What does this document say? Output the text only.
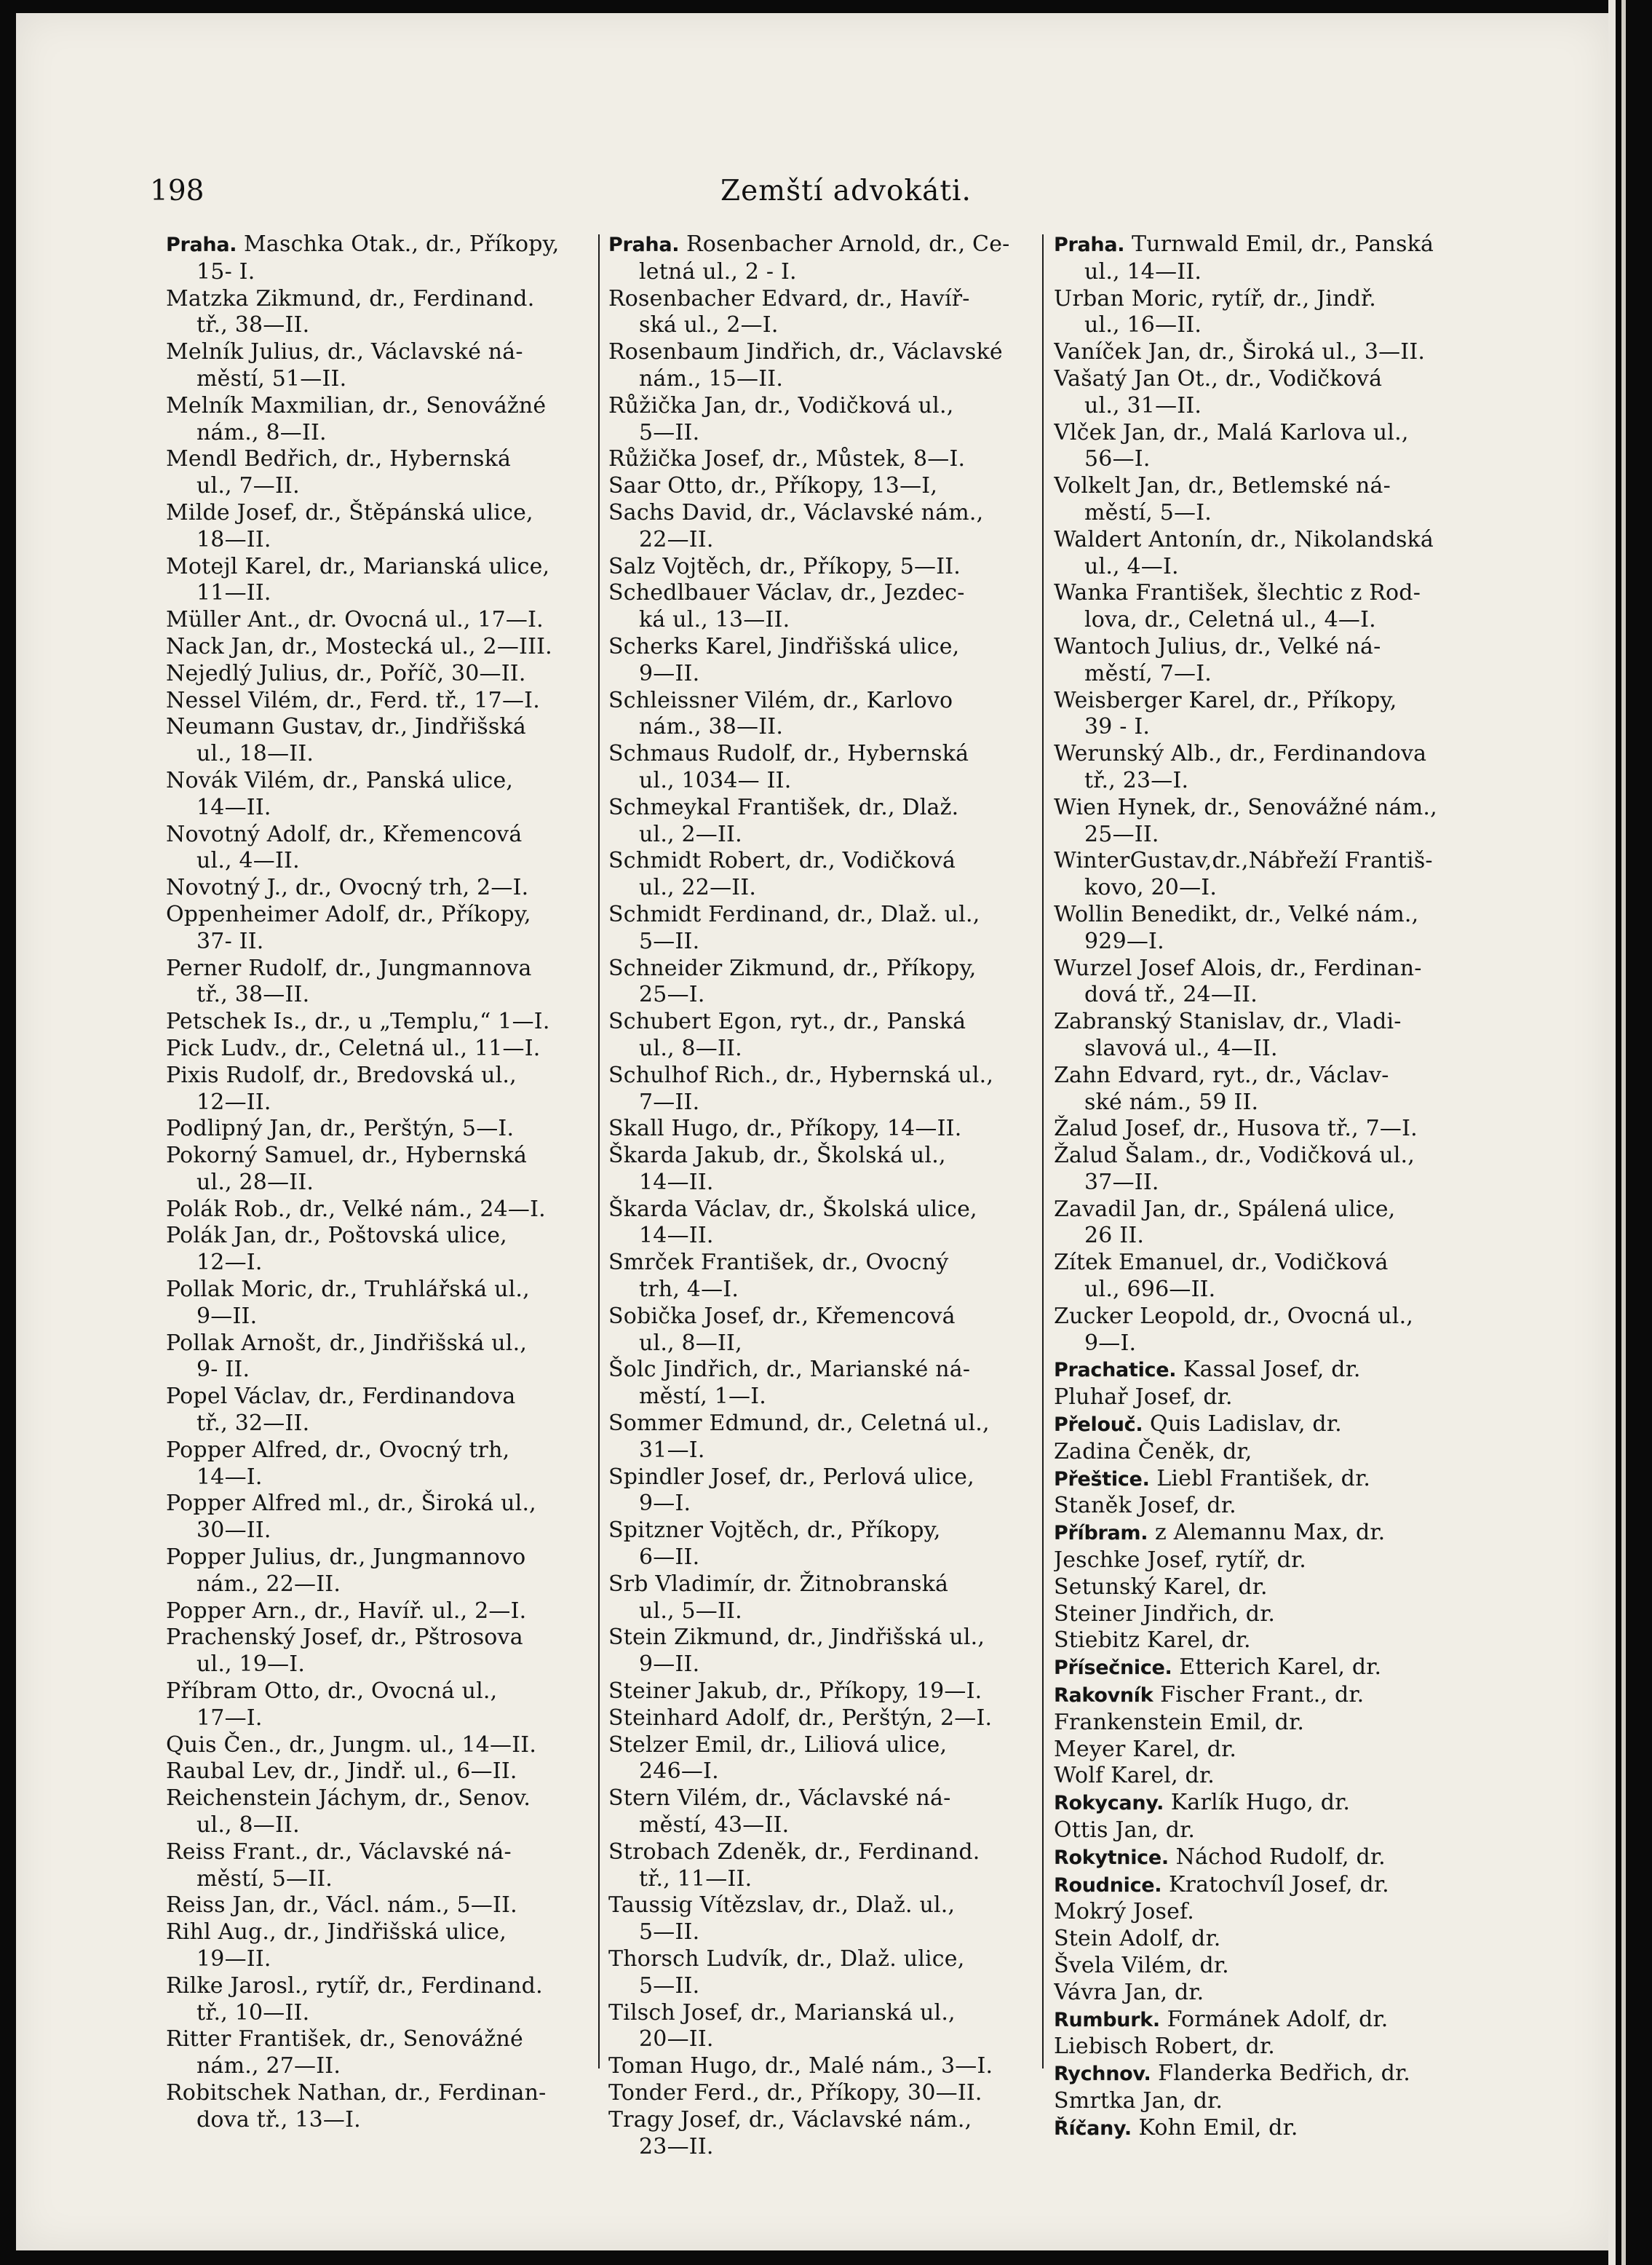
198	Zemští advokáti.
Praha. Maschka Otak., dr., Příkopy,
15- I.
Matzka Zikmund, dr., Ferdinand.
tř., 38—II.
Melník Julius, dr., Václavské ná-
městí, 51—II.
Melník Maxmilian, dr., Senovážné
nám., 8—II.
Mendl Bedřich, dr., Hybernská
ul., 7—II.
Milde Josef, dr., Štěpánská ulice,
18—II.
Motejl Karel, dr., Marianská ulice,
11—II.
Müller Ant., dr. Ovocná ul., 17—I.
Nack Jan, dr., Mostecká ul., 2—III.
Nejedlý Julius, dr., Poříč, 30—II.
Nessel Vilém, dr., Ferd. tř., 17—I.
Neumann Gustav, dr., Jindřišská
ul., 18—II.
Novák Vilém, dr., Panská ulice,
14—II.
Novotný Adolf, dr., Křemencová
ul., 4—II.
Novotný J., dr., Ovocný trh, 2—I.
Oppenheimer Adolf, dr., Příkopy,
37- II.
Perner Rudolf, dr., Jungmannova
tř., 38—II.
Petschek Is., dr., u „Templu,“ 1—I.
Pick Ludv., dr., Celetná ul., 11—I.
Pixis Rudolf, dr., Bredovská ul.,
12—II.
Podlipný Jan, dr., Perštýn, 5—I.
Pokorný Samuel, dr., Hybernská
ul., 28—II.
Polák Rob., dr., Velké nám., 24—I.
Polák Jan, dr., Poštovská ulice,
12—I.
Pollak Moric, dr., Truhlářská ul.,
9—II.
Pollak Arnošt, dr., Jindřišská ul.,
9- II.
Popel Václav, dr., Ferdinandova
tř., 32—II.
Popper Alfred, dr., Ovocný trh,
14—I.
Popper Alfred ml., dr., Široká ul.,
30—II.
Popper Julius, dr., Jungmannovo
nám., 22—II.
Popper Arn., dr., Havíř. ul., 2—I.
Prachenský Josef, dr., Pštrosova
ul., 19—I.
Příbram Otto, dr., Ovocná ul.,
17—I.
Quis Čen., dr., Jungm. ul., 14—II.
Raubal Lev, dr., Jindř. ul., 6—II.
Reichenstein Jáchym, dr., Senov.
ul., 8—II.
Reiss Frant., dr., Václavské ná-
městí, 5—II.
Reiss Jan, dr., Václ. nám., 5—II.
Rihl Aug., dr., Jindřišská ulice,
19—II.
Rilke Jarosl., rytíř, dr., Ferdinand.
tř., 10—II.
Ritter František, dr., Senovážné
nám., 27—II.
Robitschek Nathan, dr., Ferdinan-
dova tř., 13—I.
Praha. Rosenbacher Arnold, dr., Ce-
letná ul., 2 - I.
Rosenbacher Edvard, dr., Havíř-
ská ul., 2—I.
Rosenbaum Jindřich, dr., Václavské
nám., 15—II.
Růžička Jan, dr., Vodičková ul.,
5—II.
Růžička Josef, dr., Můstek, 8—I.
Saar Otto, dr., Příkopy, 13—I,
Sachs David, dr., Václavské nám.,
22—II.
Salz Vojtěch, dr., Příkopy, 5—II.
Schedlbauer Václav, dr., Jezdec-
ká ul., 13—II.
Scherks Karel, Jindřišská ulice,
9—II.
Schleissner Vilém, dr., Karlovo
nám., 38—II.
Schmaus Rudolf, dr., Hybernská
ul., 1034— II.
Schmeykal František, dr., Dlaž.
ul., 2—II.
Schmidt Robert, dr., Vodičková
ul., 22—II.
Schmidt Ferdinand, dr., Dlaž. ul.,
5—II.
Schneider Zikmund, dr., Příkopy,
25—I.
Schubert Egon, ryt., dr., Panská
ul., 8—II.
Schulhof Rich., dr., Hybernská ul.,
7—II.
Skall Hugo, dr., Příkopy, 14—II.
Škarda Jakub, dr., Školská ul.,
14—II.
Škarda Václav, dr., Školská ulice,
14—II.
Smrček František, dr., Ovocný
trh, 4—I.
Sobička Josef, dr., Křemencová
ul., 8—II,
Šolc Jindřich, dr., Marianské ná-
městí, 1—I.
Sommer Edmund, dr., Celetná ul.,
31—I.
Spindler Josef, dr., Perlová ulice,
9—I.
Spitzner Vojtěch, dr., Příkopy,
6—II.
Srb Vladimír, dr. Žitnobranská
ul., 5—II.
Stein Zikmund, dr., Jindřišská ul.,
9—II.
Steiner Jakub, dr., Příkopy, 19—I.
Steinhard Adolf, dr., Perštýn, 2—I.
Stelzer Emil, dr., Liliová ulice,
246—I.
Stern Vilém, dr., Václavské ná-
městí, 43—II.
Strobach Zdeněk, dr., Ferdinand.
tř., 11—II.
Taussig Vítězslav, dr., Dlaž. ul.,
5—II.
Thorsch Ludvík, dr., Dlaž. ulice,
5—II.
Tilsch Josef, dr., Marianská ul.,
20—II.
Toman Hugo, dr., Malé nám., 3—I.
Tonder Ferd., dr., Příkopy, 30—II.
Tragy Josef, dr., Václavské nám.,
23—II.
Praha. Turnwald Emil, dr., Panská
ul., 14—II.
Urban Moric, rytíř, dr., Jindř.
ul., 16—II.
Vaníček Jan, dr., Široká ul., 3—II.
Vašatý Jan Ot., dr., Vodičková
ul., 31—II.
Vlček Jan, dr., Malá Karlova ul.,
56—I.
Volkelt Jan, dr., Betlemské ná-
městí, 5—I.
Waldert Antonín, dr., Nikolandská
ul., 4—I.
Wanka František, šlechtic z Rod-
lova, dr., Celetná ul., 4—I.
Wantoch Julius, dr., Velké ná-
městí, 7—I.
Weisberger Karel, dr., Příkopy,
39 - I.
Werunský Alb., dr., Ferdinandova
tř., 23—I.
Wien Hynek, dr., Senovážné nám.,
25—II.
WinterGustav,dr.,Nábřeží Františ-
kovo, 20—I.
Wollin Benedikt, dr., Velké nám.,
929—I.
Wurzel Josef Alois, dr., Ferdinan-
dová tř., 24—II.
Zabranský Stanislav, dr., Vladi-
slavová ul., 4—II.
Zahn Edvard, ryt., dr., Václav-
ské nám., 59 II.
Žalud Josef, dr., Husova tř., 7—I.
Žalud Šalam., dr., Vodičková ul.,
37—II.
Zavadil Jan, dr., Spálená ulice,
26 II.
Zítek Emanuel, dr., Vodičková
ul., 696—II.
Zucker Leopold, dr., Ovocná ul.,
9—I.
Prachatice. Kassal Josef, dr.
Pluhař Josef, dr.
Přelouč. Quis Ladislav, dr.
Zadina Čeněk, dr,
Přeštice. Liebl František, dr.
Staněk Josef, dr.
Příbram. z Alemannu Max, dr.
Jeschke Josef, rytíř, dr.
Setunský Karel, dr.
Steiner Jindřich, dr.
Stiebitz Karel, dr.
Přísečnice. Etterich Karel, dr.
Rakovník Fischer Frant., dr.
Frankenstein Emil, dr.
Meyer Karel, dr.
Wolf Karel, dr.
Rokycany. Karlík Hugo, dr.
Ottis Jan, dr.
Rokytnice. Náchod Rudolf, dr.
Roudnice. Kratochvíl Josef, dr.
Mokrý Josef.
Stein Adolf, dr.
Švela Vilém, dr.
Vávra Jan, dr.
Rumburk. Formánek Adolf, dr.
Liebisch Robert, dr.
Rychnov. Flanderka Bedřich, dr.
Smrtka Jan, dr.
Říčany. Kohn Emil, dr.
